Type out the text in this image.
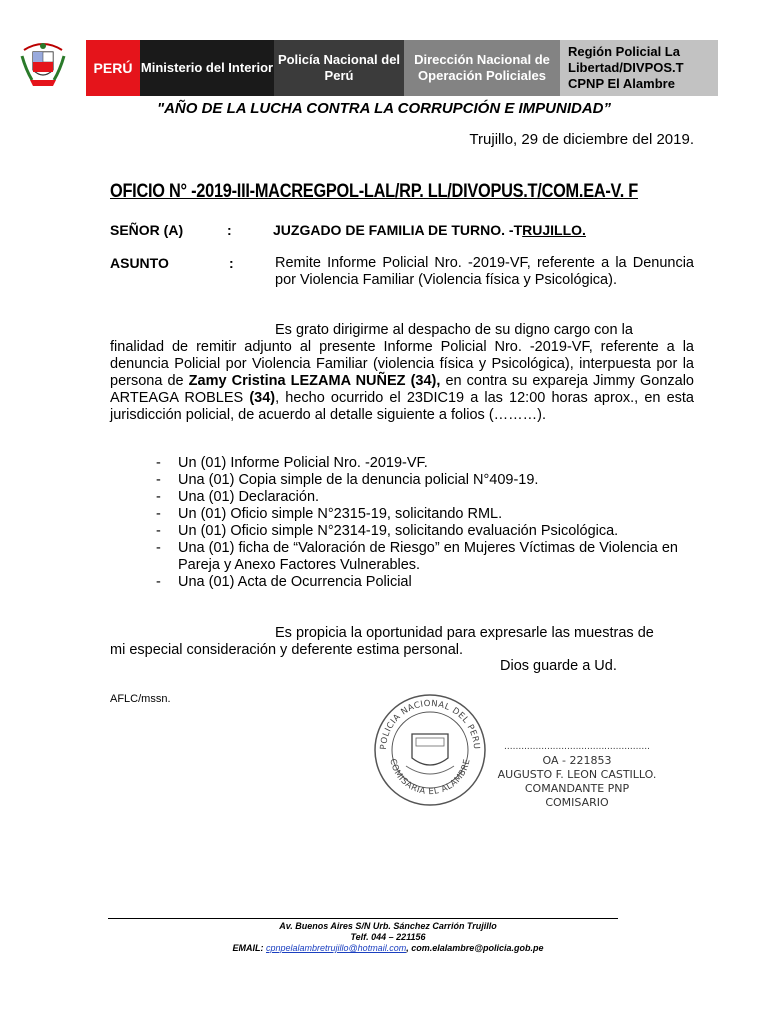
PERÚ Ministerio del Interior
Policía Nacional del Perú
Dirección Nacional de Operación Policiales
Región Policial La Libertad/DIVPOS.T CPNP El Alambre
"AÑO DE LA LUCHA CONTRA LA CORRUPCIÓN E IMPUNIDAD”
Trujillo, 29 de diciembre del 2019.
OFICIO N° -2019-III-MACREGPOL-LAL/RP. LL/DIVOPUS.T/COM.EA-V. F
SEÑOR (A)	:	JUZGADO DE FAMILIA DE TURNO. -TRUJILLO.
ASUNTO	:	Remite Informe Policial Nro. -2019-VF, referente a la Denuncia por Violencia Familiar (Violencia física y Psicológica).
Es grato dirigirme al despacho de su digno cargo con la
finalidad de remitir adjunto al presente Informe Policial Nro. -2019-VF, referente a la denuncia Policial por Violencia Familiar (violencia física y Psicológica), interpuesta por la persona de Zamy Cristina LEZAMA NUÑEZ (34), en contra su expareja Jimmy Gonzalo ARTEAGA ROBLES (34), hecho ocurrido el 23DIC19 a las 12:00 horas aprox., en esta jurisdicción policial, de acuerdo al detalle siguiente a folios (………).
- Un (01) Informe Policial Nro. -2019-VF.
- Una (01) Copia simple de la denuncia policial N°409-19.
- Una (01) Declaración.
- Un (01) Oficio simple N°2315-19, solicitando RML.
- Un (01) Oficio simple N°2314-19, solicitando evaluación Psicológica.
- Una (01) ficha de “Valoración de Riesgo” en Mujeres Víctimas de Violencia en Pareja y Anexo Factores Vulnerables.
- Una (01) Acta de Ocurrencia Policial
Es propicia la oportunidad para expresarle las muestras de
mi especial consideración y deferente estima personal.
Dios guarde a Ud.
AFLC/mssn.
POLICIA NACIONAL DEL PERU
COMISARIA EL ALAMBRE
...................................................
OA - 221853
AUGUSTO F. LEON CASTILLO.
COMANDANTE PNP
COMISARIO
Av. Buenos Aires S/N Urb. Sánchez Carrión Trujillo
Telf. 044 – 221156
EMAIL: cpnpelalambretrujillo@hotmail.com, com.elalambre@policia.gob.pe
